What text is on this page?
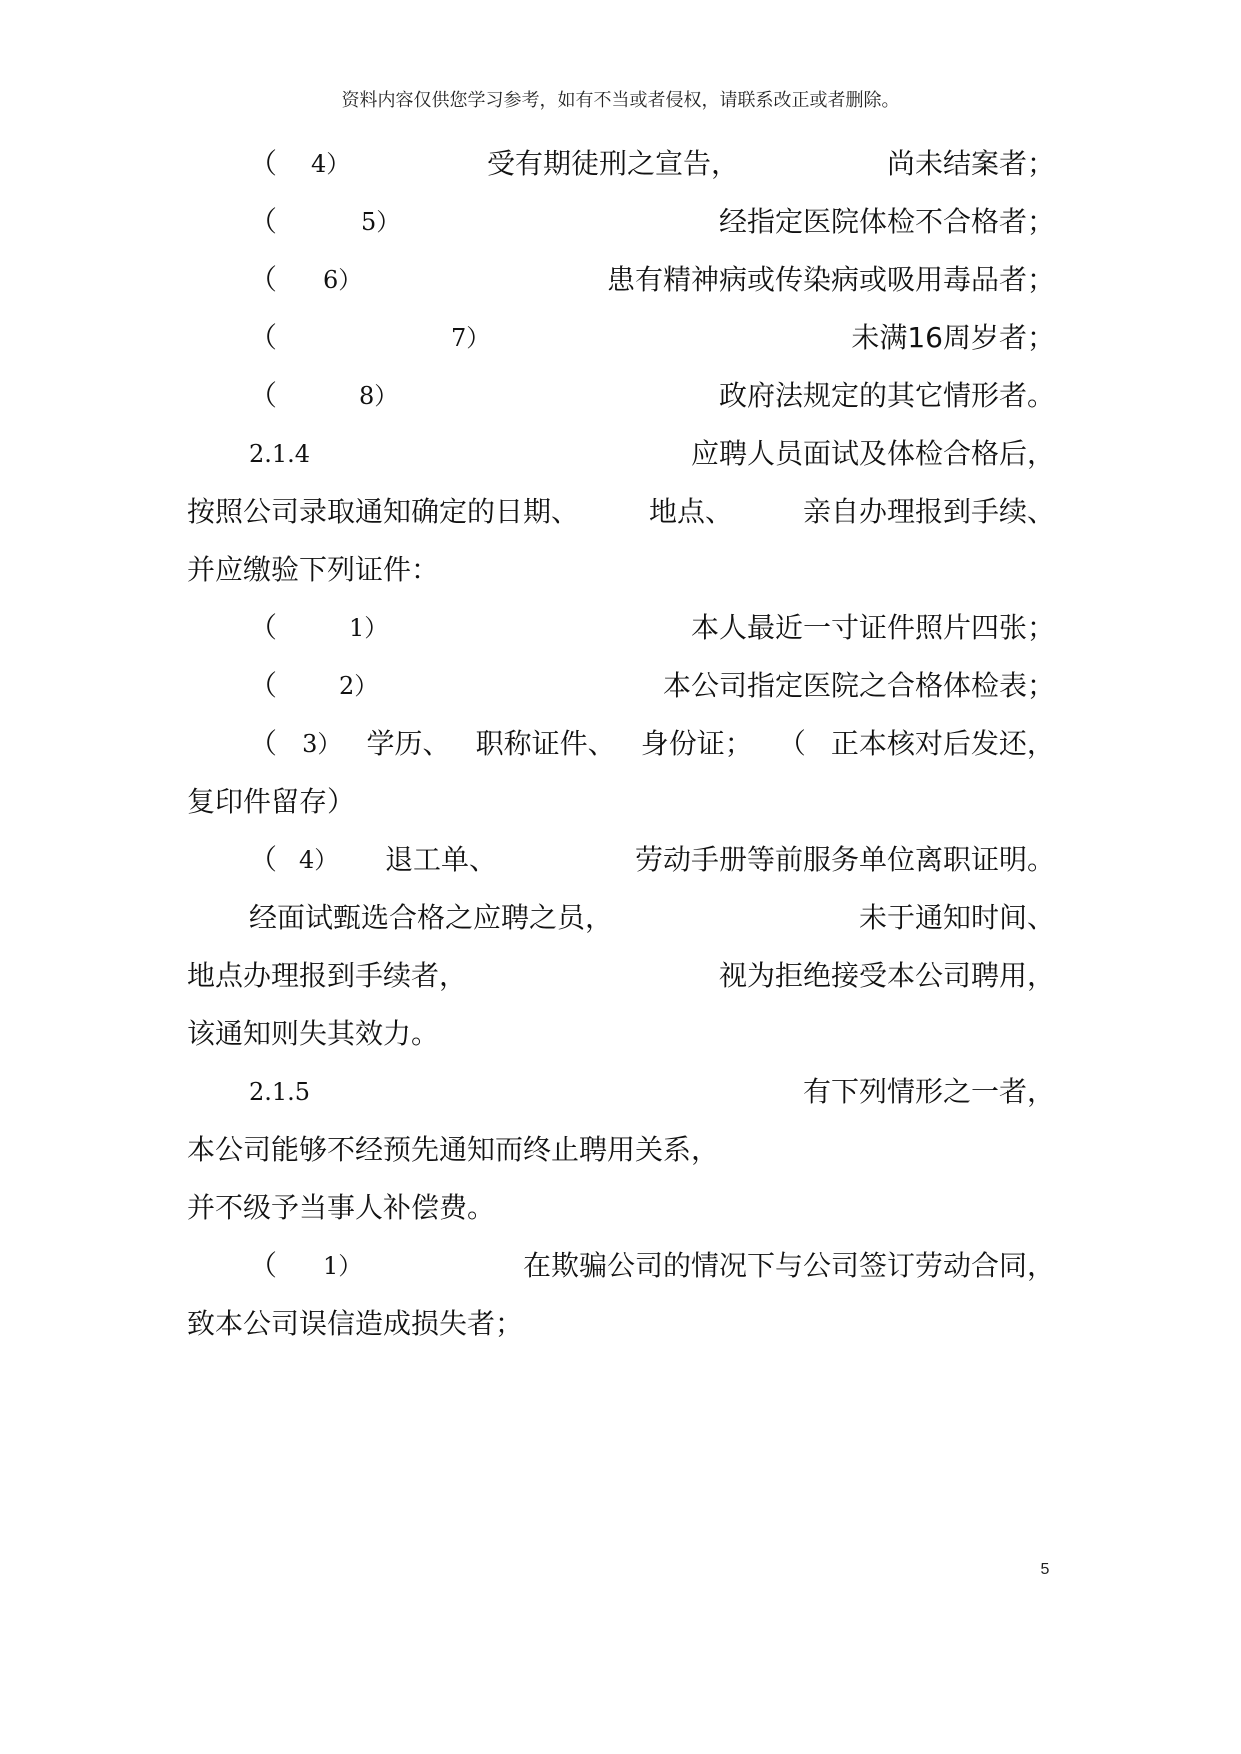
资料内容仅供您学习参考，如有不当或者侵权，请联系改正或者删除。
（ 4）	受有期徒刑之宣告，	尚未结案者；
（	5）	经指定医院体检不合格者；
（ 6）	患有精神病或传染病或吸用毒品者；
（	7）	未满16周岁者；
（	8）	政府法规定的其它情形者。
2.1.4	应聘人员面试及体检合格后，
按照公司录取通知确定的日期、 地点、 亲自办理报到手续、
并应缴验下列证件：
（	1）	本人最近一寸证件照片四张；
（	2）	本公司指定医院之合格体检表；
（ 3） 学历、 职称证件、 身份证； （ 正本核对后发还，
复印件留存）
（ 4） 退工单、	劳动手册等前服务单位离职证明。
经面试甄选合格之应聘之员，	未于通知时间、
地点办理报到手续者，	视为拒绝接受本公司聘用，
该通知则失其效力。
2.1.5	有下列情形之一者，
本公司能够不经预先通知而终止聘用关系，
并不级予当事人补偿费。
（ 1）	在欺骗公司的情况下与公司签订劳动合同，
致本公司误信造成损失者；
5
